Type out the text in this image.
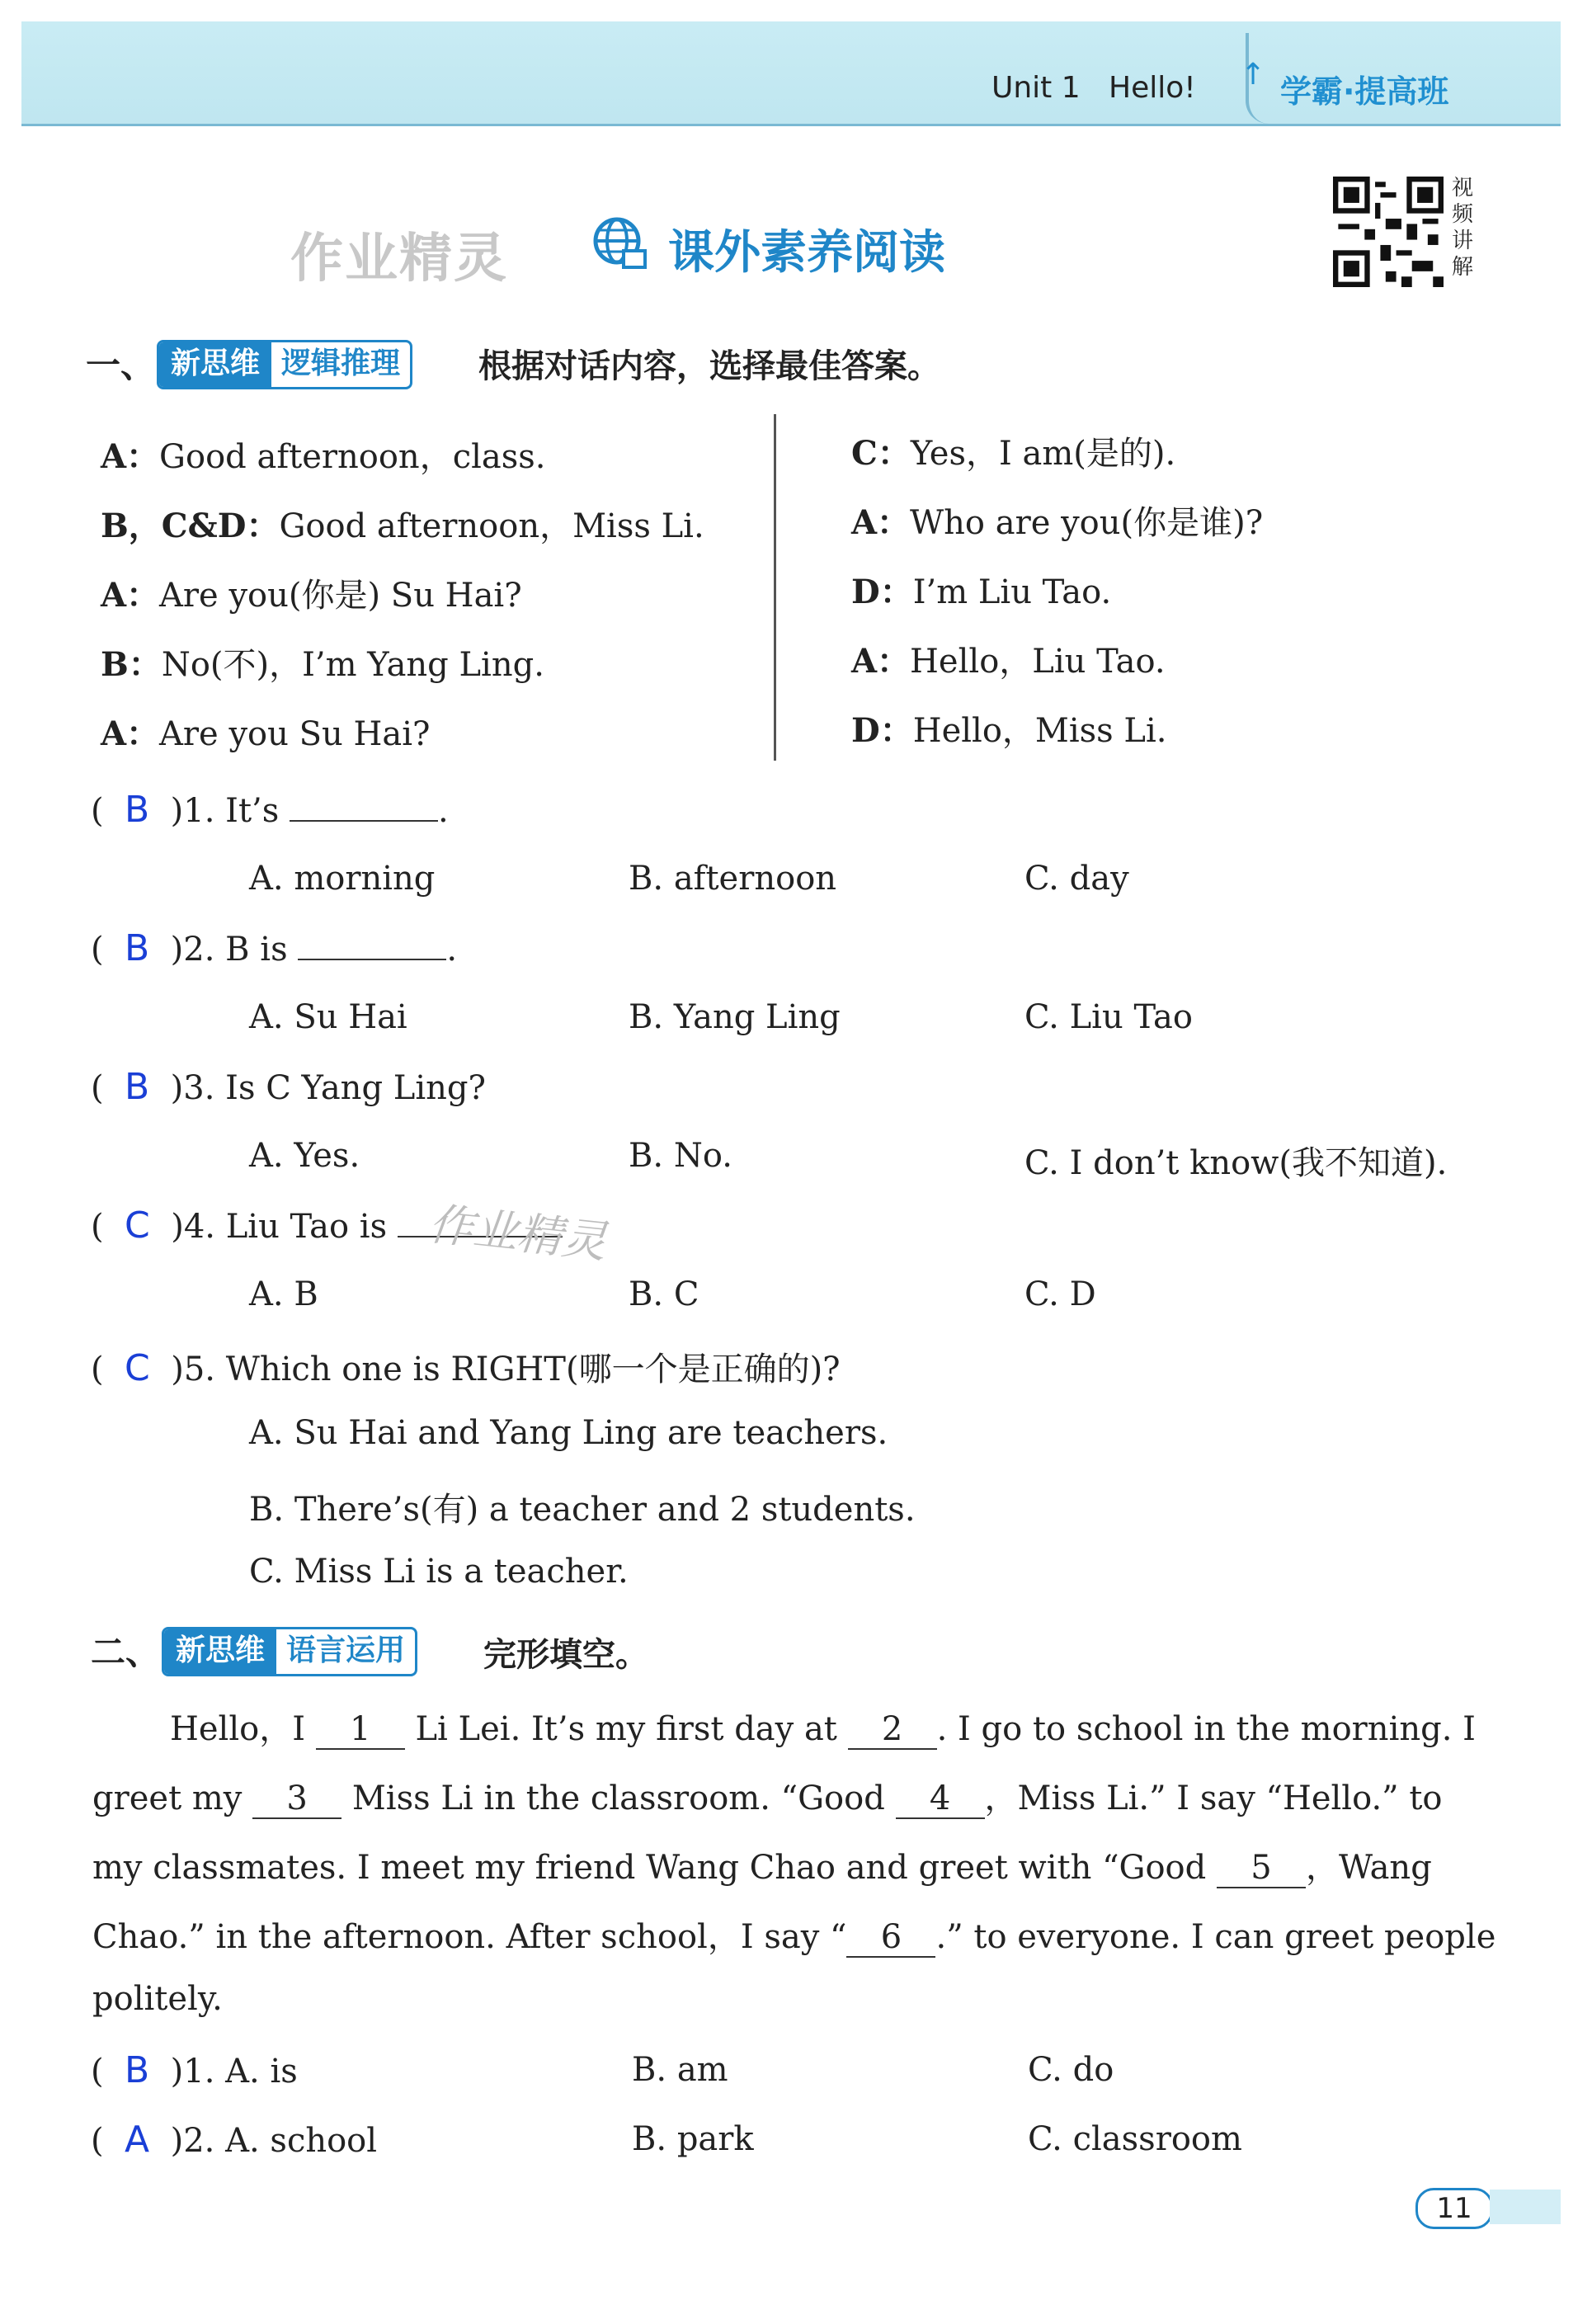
Unit 1 Hello! ↑ 学霸·提高班
作业精灵	课外素养阅读
视频讲解
一、 新思维 逻辑推理	根据对话内容，选择最佳答案。
A：Good afternoon，class.
B，C&D：Good afternoon，Miss Li.
A：Are you(你是) Su Hai?
B：No(不)，I’m Yang Ling.
A：Are you Su Hai?
C：Yes，I am(是的).
A：Who are you(你是谁)?
D：I’m Liu Tao.
A：Hello，Liu Tao.
D：Hello，Miss Li.
( B )1. It’s	.
A. morning	B. afternoon	C. day
( B )2. B is	.
A. Su Hai	B. Yang Ling	C. Liu Tao
( B )3. Is C Yang Ling?
A. Yes.	B. No.	C. I don’t know(我不知道).
( C )4. Liu Tao is 作业精灵
A. B	B. C	C. D
( C )5. Which one is RIGHT(哪一个是正确的)?
A. Su Hai and Yang Ling are teachers.
B. There’s(有) a teacher and 2 students.
C. Miss Li is a teacher.
二、 新思维 语言运用	完形填空。
Hello，I 1 Li Lei. It’s my first day at 2 . I go to school in the morning. I
greet my 3 Miss Li in the classroom. “Good 4 ，Miss Li.” I say “Hello.” to
my classmates. I meet my friend Wang Chao and greet with “Good 5 ，Wang
Chao.” in the afternoon. After school，I say “ 6 .” to everyone. I can greet people
politely.
( B )1. A. is	B. am	C. do
( A )2. A. school	B. park	C. classroom
11
